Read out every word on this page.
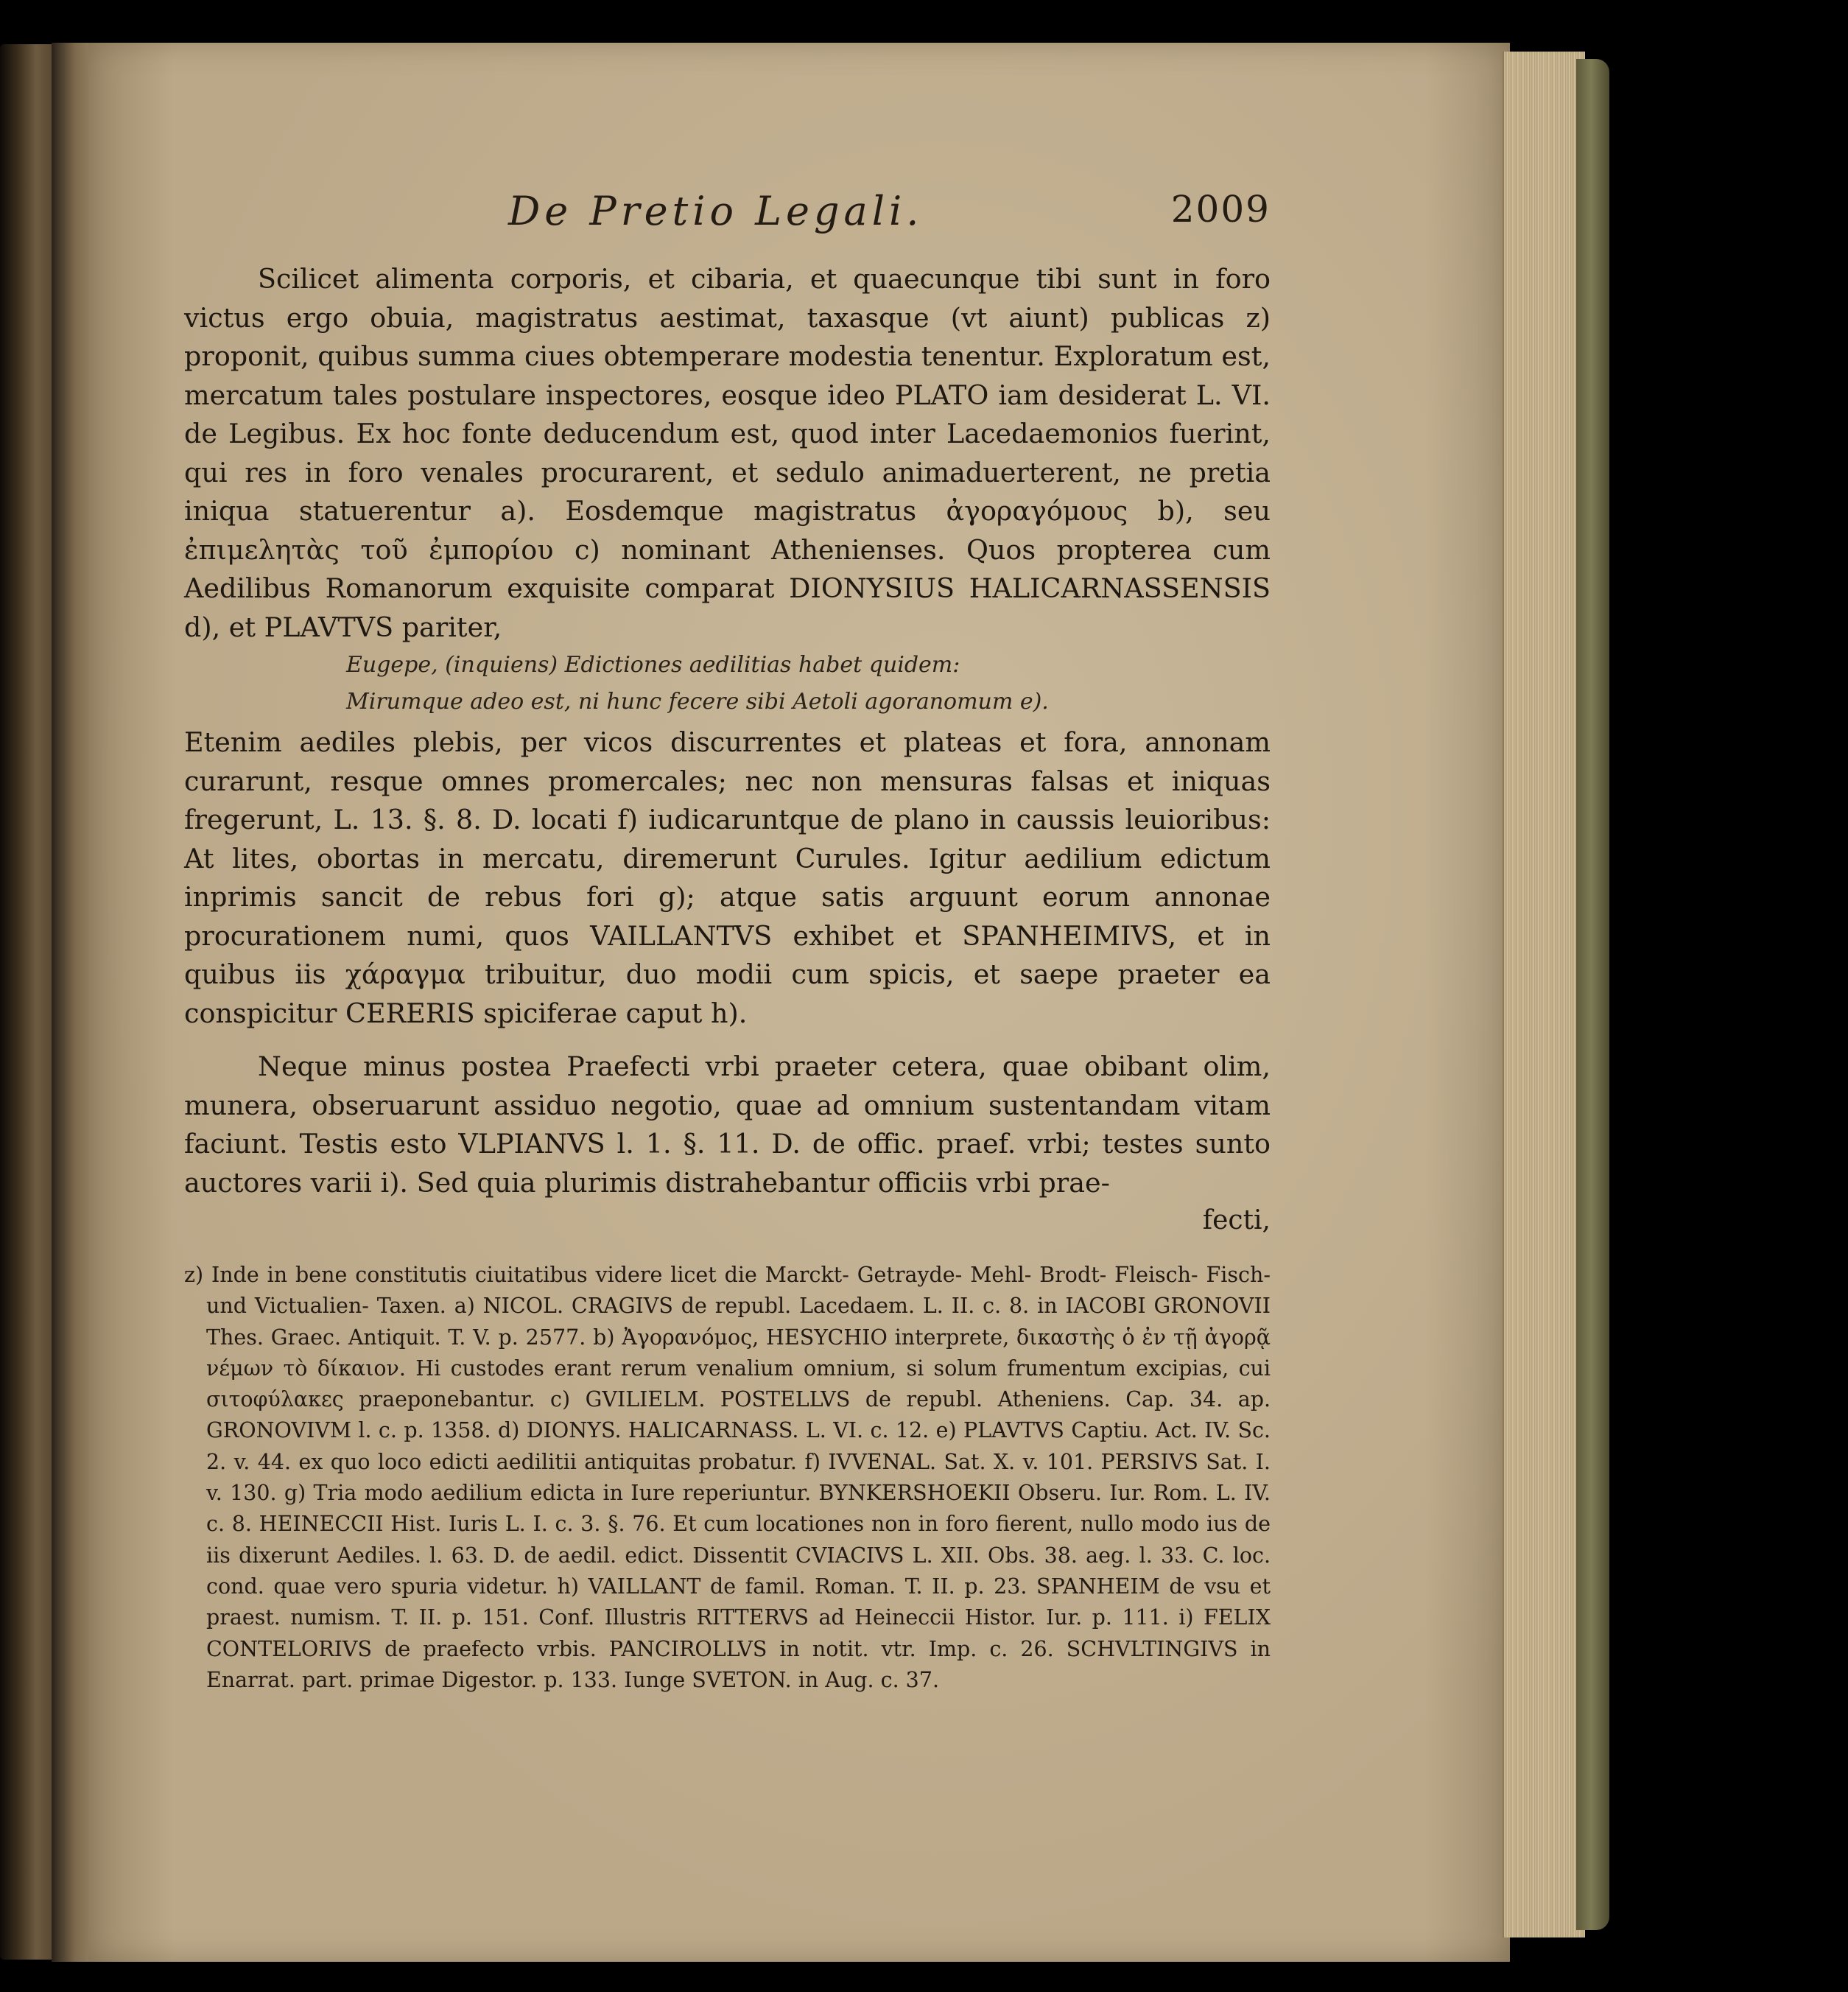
De Pretio Legali.	2009

Scilicet alimenta corporis, et cibaria, et quaecunque tibi sunt in foro victus ergo obuia, magistratus aestimat, taxasque (vt aiunt) publicas z) proponit, quibus summa ciues obtemperare modestia tenentur. Exploratum est, mercatum tales postulare inspectores, eosque ideo PLATO iam desiderat L. VI. de Legibus. Ex hoc fonte deducendum est, quod inter Lacedaemonios fuerint, qui res in foro venales procurarent, et sedulo animaduerterent, ne pretia iniqua statuerentur a). Eosdemque magistratus ἀγοραγόμους b), seu ἐπιμελητὰς τοῦ ἐμπορίου c) nominant Athenienses. Quos propterea cum Aedilibus Romanorum exquisite comparat DIONYSIUS HALICARNASSENSIS d), et PLAVTVS pariter,

Eugepe, (inquiens) Edictiones aedilitias habet quidem:

Mirumque adeo est, ni hunc fecere sibi Aetoli agoranomum e).

Etenim aediles plebis, per vicos discurrentes et plateas et fora, annonam curarunt, resque omnes promercales; nec non mensuras falsas et iniquas fregerunt, L. 13. §. 8. D. locati f) iudicaruntque de plano in caussis leuioribus: At lites, obortas in mercatu, diremerunt Curules. Igitur aedilium edictum inprimis sancit de rebus fori g); atque satis arguunt eorum annonae procurationem numi, quos VAILLANTVS exhibet et SPANHEIMIVS, et in quibus iis χάραγμα tribuitur, duo modii cum spicis, et saepe praeter ea conspicitur CERERIS spiciferae caput h).

Neque minus postea Praefecti vrbi praeter cetera, quae obibant olim, munera, obseruarunt assiduo negotio, quae ad omnium sustentandam vitam faciunt. Testis esto VLPIANVS l. 1. §. 11. D. de offic. praef. vrbi; testes sunto auctores varii i). Sed quia plurimis distrahebantur officiis vrbi prae-

fecti,

z) Inde in bene constitutis ciuitatibus videre licet die Marckt- Getrayde- Mehl- Brodt- Fleisch- Fisch- und Victualien- Taxen. a) NICOL. CRAGIVS de republ. Lacedaem. L. II. c. 8. in IACOBI GRONOVII Thes. Graec. Antiquit. T. V. p. 2577. b) Ἀγορανόμος, HESYCHIO interprete, δικαστὴς ὁ ἐν τῇ ἀγορᾷ νέμων τὸ δίκαιον. Hi custodes erant rerum venalium omnium, si solum frumentum excipias, cui σιτοφύλακες praeponebantur. c) GVILIELM. POSTELLVS de republ. Atheniens. Cap. 34. ap. GRONOVIVM l. c. p. 1358. d) DIONYS. HALICARNASS. L. VI. c. 12. e) PLAVTVS Captiu. Act. IV. Sc. 2. v. 44. ex quo loco edicti aedilitii antiquitas probatur. f) IVVENAL. Sat. X. v. 101. PERSIVS Sat. I. v. 130. g) Tria modo aedilium edicta in Iure reperiuntur. BYNKERSHOEKII Obseru. Iur. Rom. L. IV. c. 8. HEINECCII Hist. Iuris L. I. c. 3. §. 76. Et cum locationes non in foro fierent, nullo modo ius de iis dixerunt Aediles. l. 63. D. de aedil. edict. Dissentit CVIACIVS L. XII. Obs. 38. aeg. l. 33. C. loc. cond. quae vero spuria videtur. h) VAILLANT de famil. Roman. T. II. p. 23. SPANHEIM de vsu et praest. numism. T. II. p. 151. Conf. Illustris RITTERVS ad Heineccii Histor. Iur. p. 111. i) FELIX CONTELORIVS de praefecto vrbis. PANCIROLLVS in notit. vtr. Imp. c. 26. SCHVLTINGIVS in Enarrat. part. primae Digestor. p. 133. Iunge SVETON. in Aug. c. 37.
